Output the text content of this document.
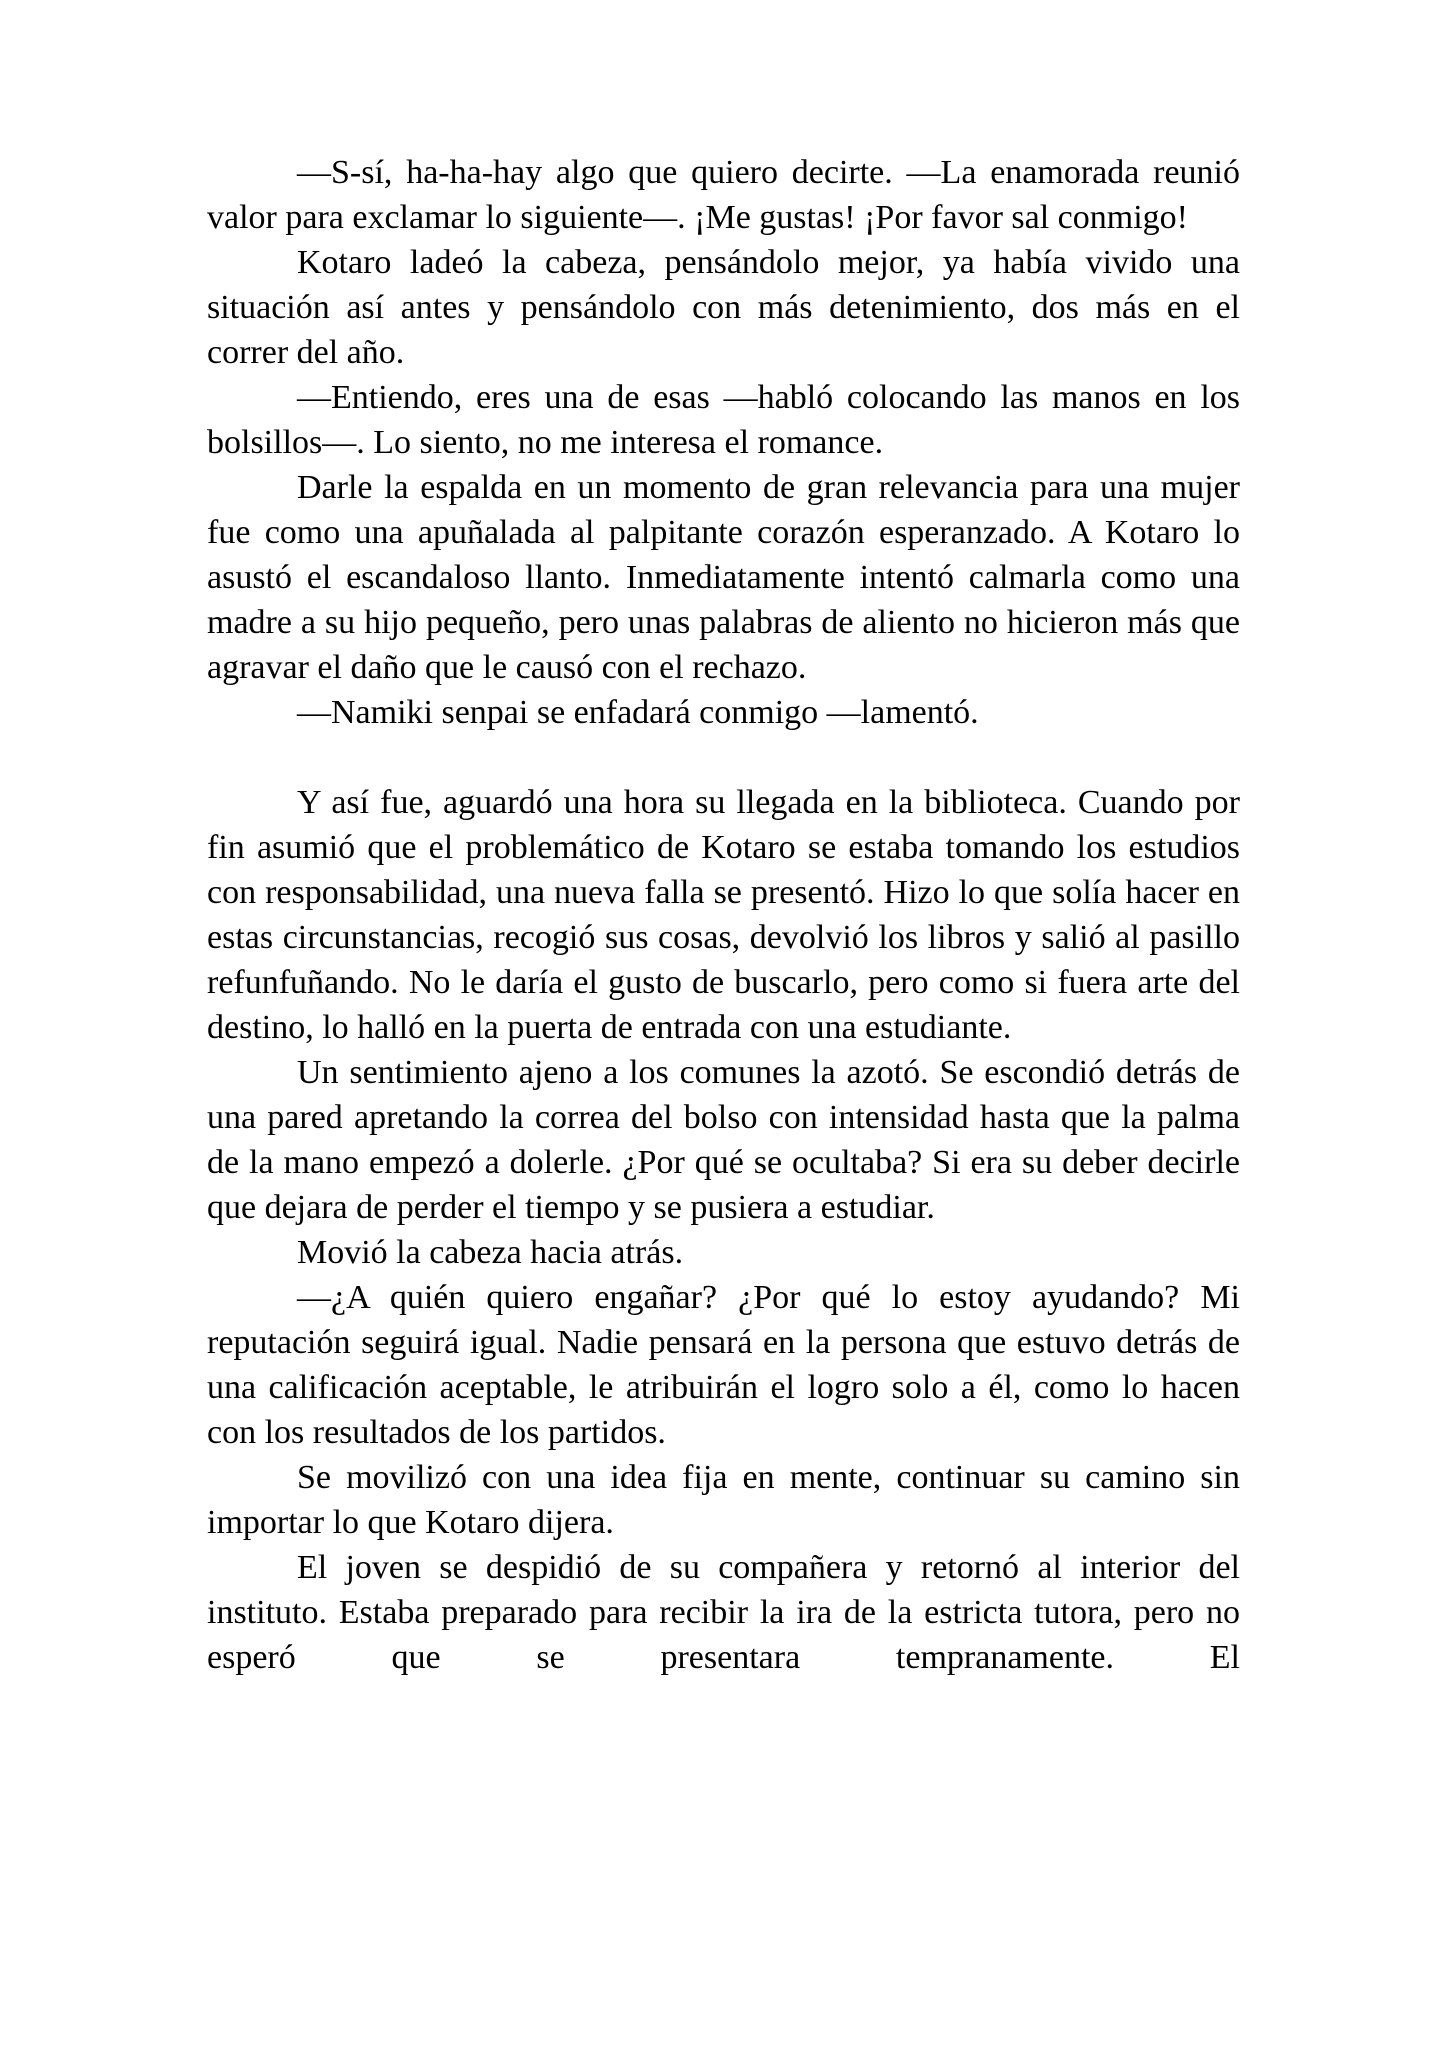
—S-sí, ha-ha-hay algo que quiero decirte. —La enamorada reunió valor para exclamar lo siguiente—. ¡Me gustas! ¡Por favor sal conmigo!

Kotaro ladeó la cabeza, pensándolo mejor, ya había vivido una situación así antes y pensándolo con más detenimiento, dos más en el correr del año.

—Entiendo, eres una de esas —habló colocando las manos en los bolsillos—. Lo siento, no me interesa el romance.

Darle la espalda en un momento de gran relevancia para una mujer fue como una apuñalada al palpitante corazón esperanzado. A Kotaro lo asustó el escandaloso llanto. Inmediatamente intentó calmarla como una madre a su hijo pequeño, pero unas palabras de aliento no hicieron más que agravar el daño que le causó con el rechazo.

—Namiki senpai se enfadará conmigo —lamentó.

Y así fue, aguardó una hora su llegada en la biblioteca. Cuando por fin asumió que el problemático de Kotaro se estaba tomando los estudios con responsabilidad, una nueva falla se presentó. Hizo lo que solía hacer en estas circunstancias, recogió sus cosas, devolvió los libros y salió al pasillo refunfuñando. No le daría el gusto de buscarlo, pero como si fuera arte del destino, lo halló en la puerta de entrada con una estudiante.

Un sentimiento ajeno a los comunes la azotó. Se escondió detrás de una pared apretando la correa del bolso con intensidad hasta que la palma de la mano empezó a dolerle. ¿Por qué se ocultaba? Si era su deber decirle que dejara de perder el tiempo y se pusiera a estudiar.

Movió la cabeza hacia atrás.

—¿A quién quiero engañar? ¿Por qué lo estoy ayudando? Mi reputación seguirá igual. Nadie pensará en la persona que estuvo detrás de una calificación aceptable, le atribuirán el logro solo a él, como lo hacen con los resultados de los partidos.

Se movilizó con una idea fija en mente, continuar su camino sin importar lo que Kotaro dijera.

El joven se despidió de su compañera y retornó al interior del instituto. Estaba preparado para recibir la ira de la estricta tutora, pero no esperó que se presentara tempranamente. El
